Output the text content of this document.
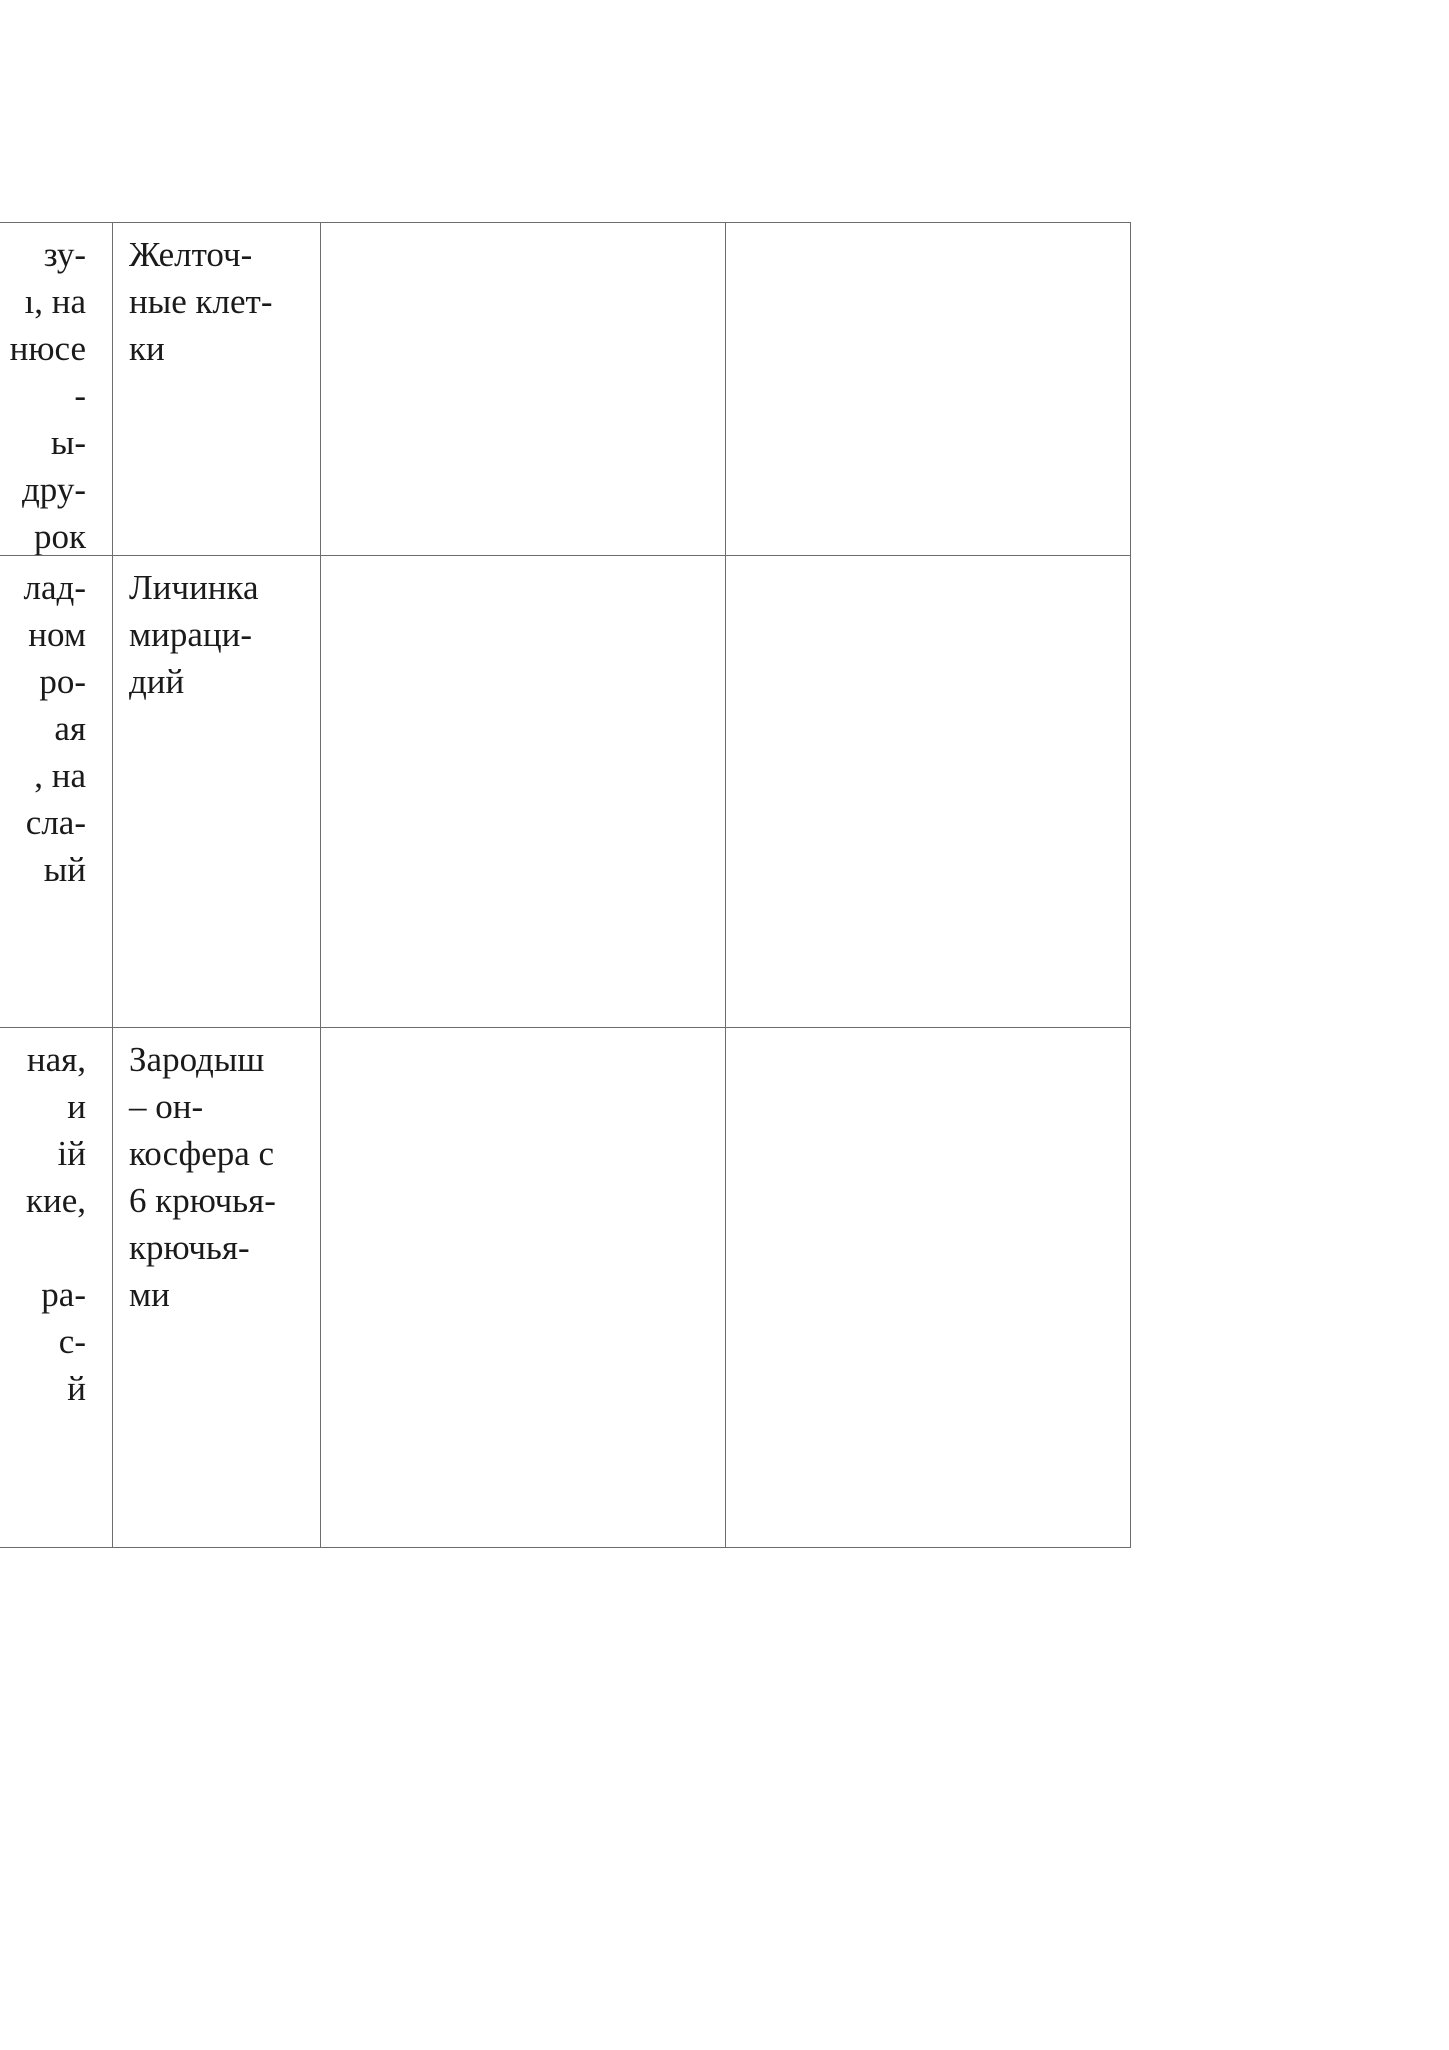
зу-
ı, на
нюсе
-
ы-
дру-
рок
Желточ-
ные клет-
ки
лад-
ном
ро-
ая
, на
сла-
ый
Личинка
мираци-
дий
ная,
и
ій
кие,

ра-
с-
й
Зародыш
– он-
косфера с
6 крючья-
крючья-
ми
